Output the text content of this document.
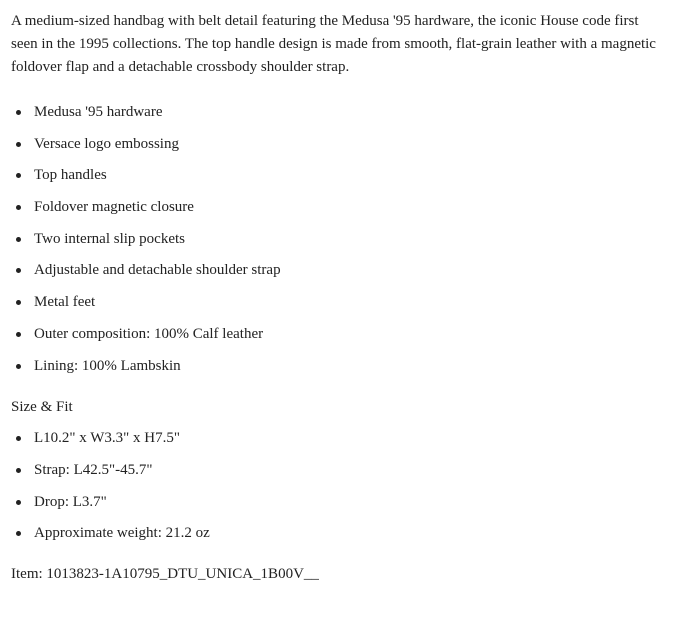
A medium-sized handbag with belt detail featuring the Medusa '95 hardware, the iconic House code first seen in the 1995 collections. The top handle design is made from smooth, flat-grain leather with a magnetic foldover flap and a detachable crossbody shoulder strap.

Medusa '95 hardware
Versace logo embossing
Top handles
Foldover magnetic closure
Two internal slip pockets
Adjustable and detachable shoulder strap
Metal feet
Outer composition: 100% Calf leather
Lining: 100% Lambskin

Size & Fit

L10.2" x W3.3" x H7.5"
Strap: L42.5"-45.7"
Drop: L3.7"
Approximate weight: 21.2 oz

Item: 1013823-1A10795_DTU_UNICA_1B00V__
